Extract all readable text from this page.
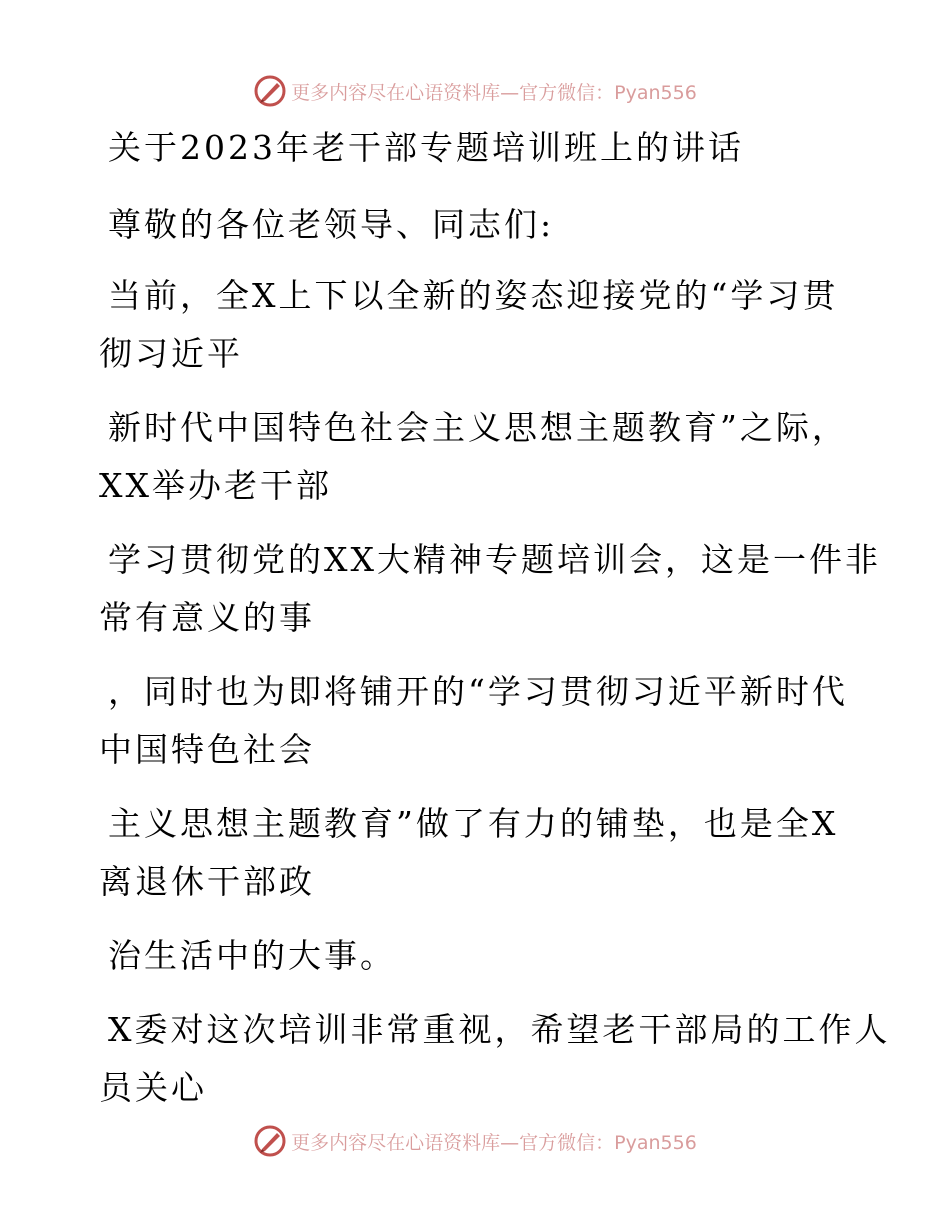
更多内容尽在心语资料库—官方微信：Pyan556
关于2023年老干部专题培训班上的讲话
尊敬的各位老领导、同志们:
当前，全X上下以全新的姿态迎接党的“学习贯
彻习近平
新时代中国特色社会主义思想主题教育”之际，
XX举办老干部
学习贯彻党的XX大精神专题培训会，这是一件非
常有意义的事
，同时也为即将铺开的“学习贯彻习近平新时代
中国特色社会
主义思想主题教育”做了有力的铺垫，也是全X
离退休干部政
治生活中的大事。
X委对这次培训非常重视，希望老干部局的工作人
员关心
更多内容尽在心语资料库—官方微信：Pyan556
